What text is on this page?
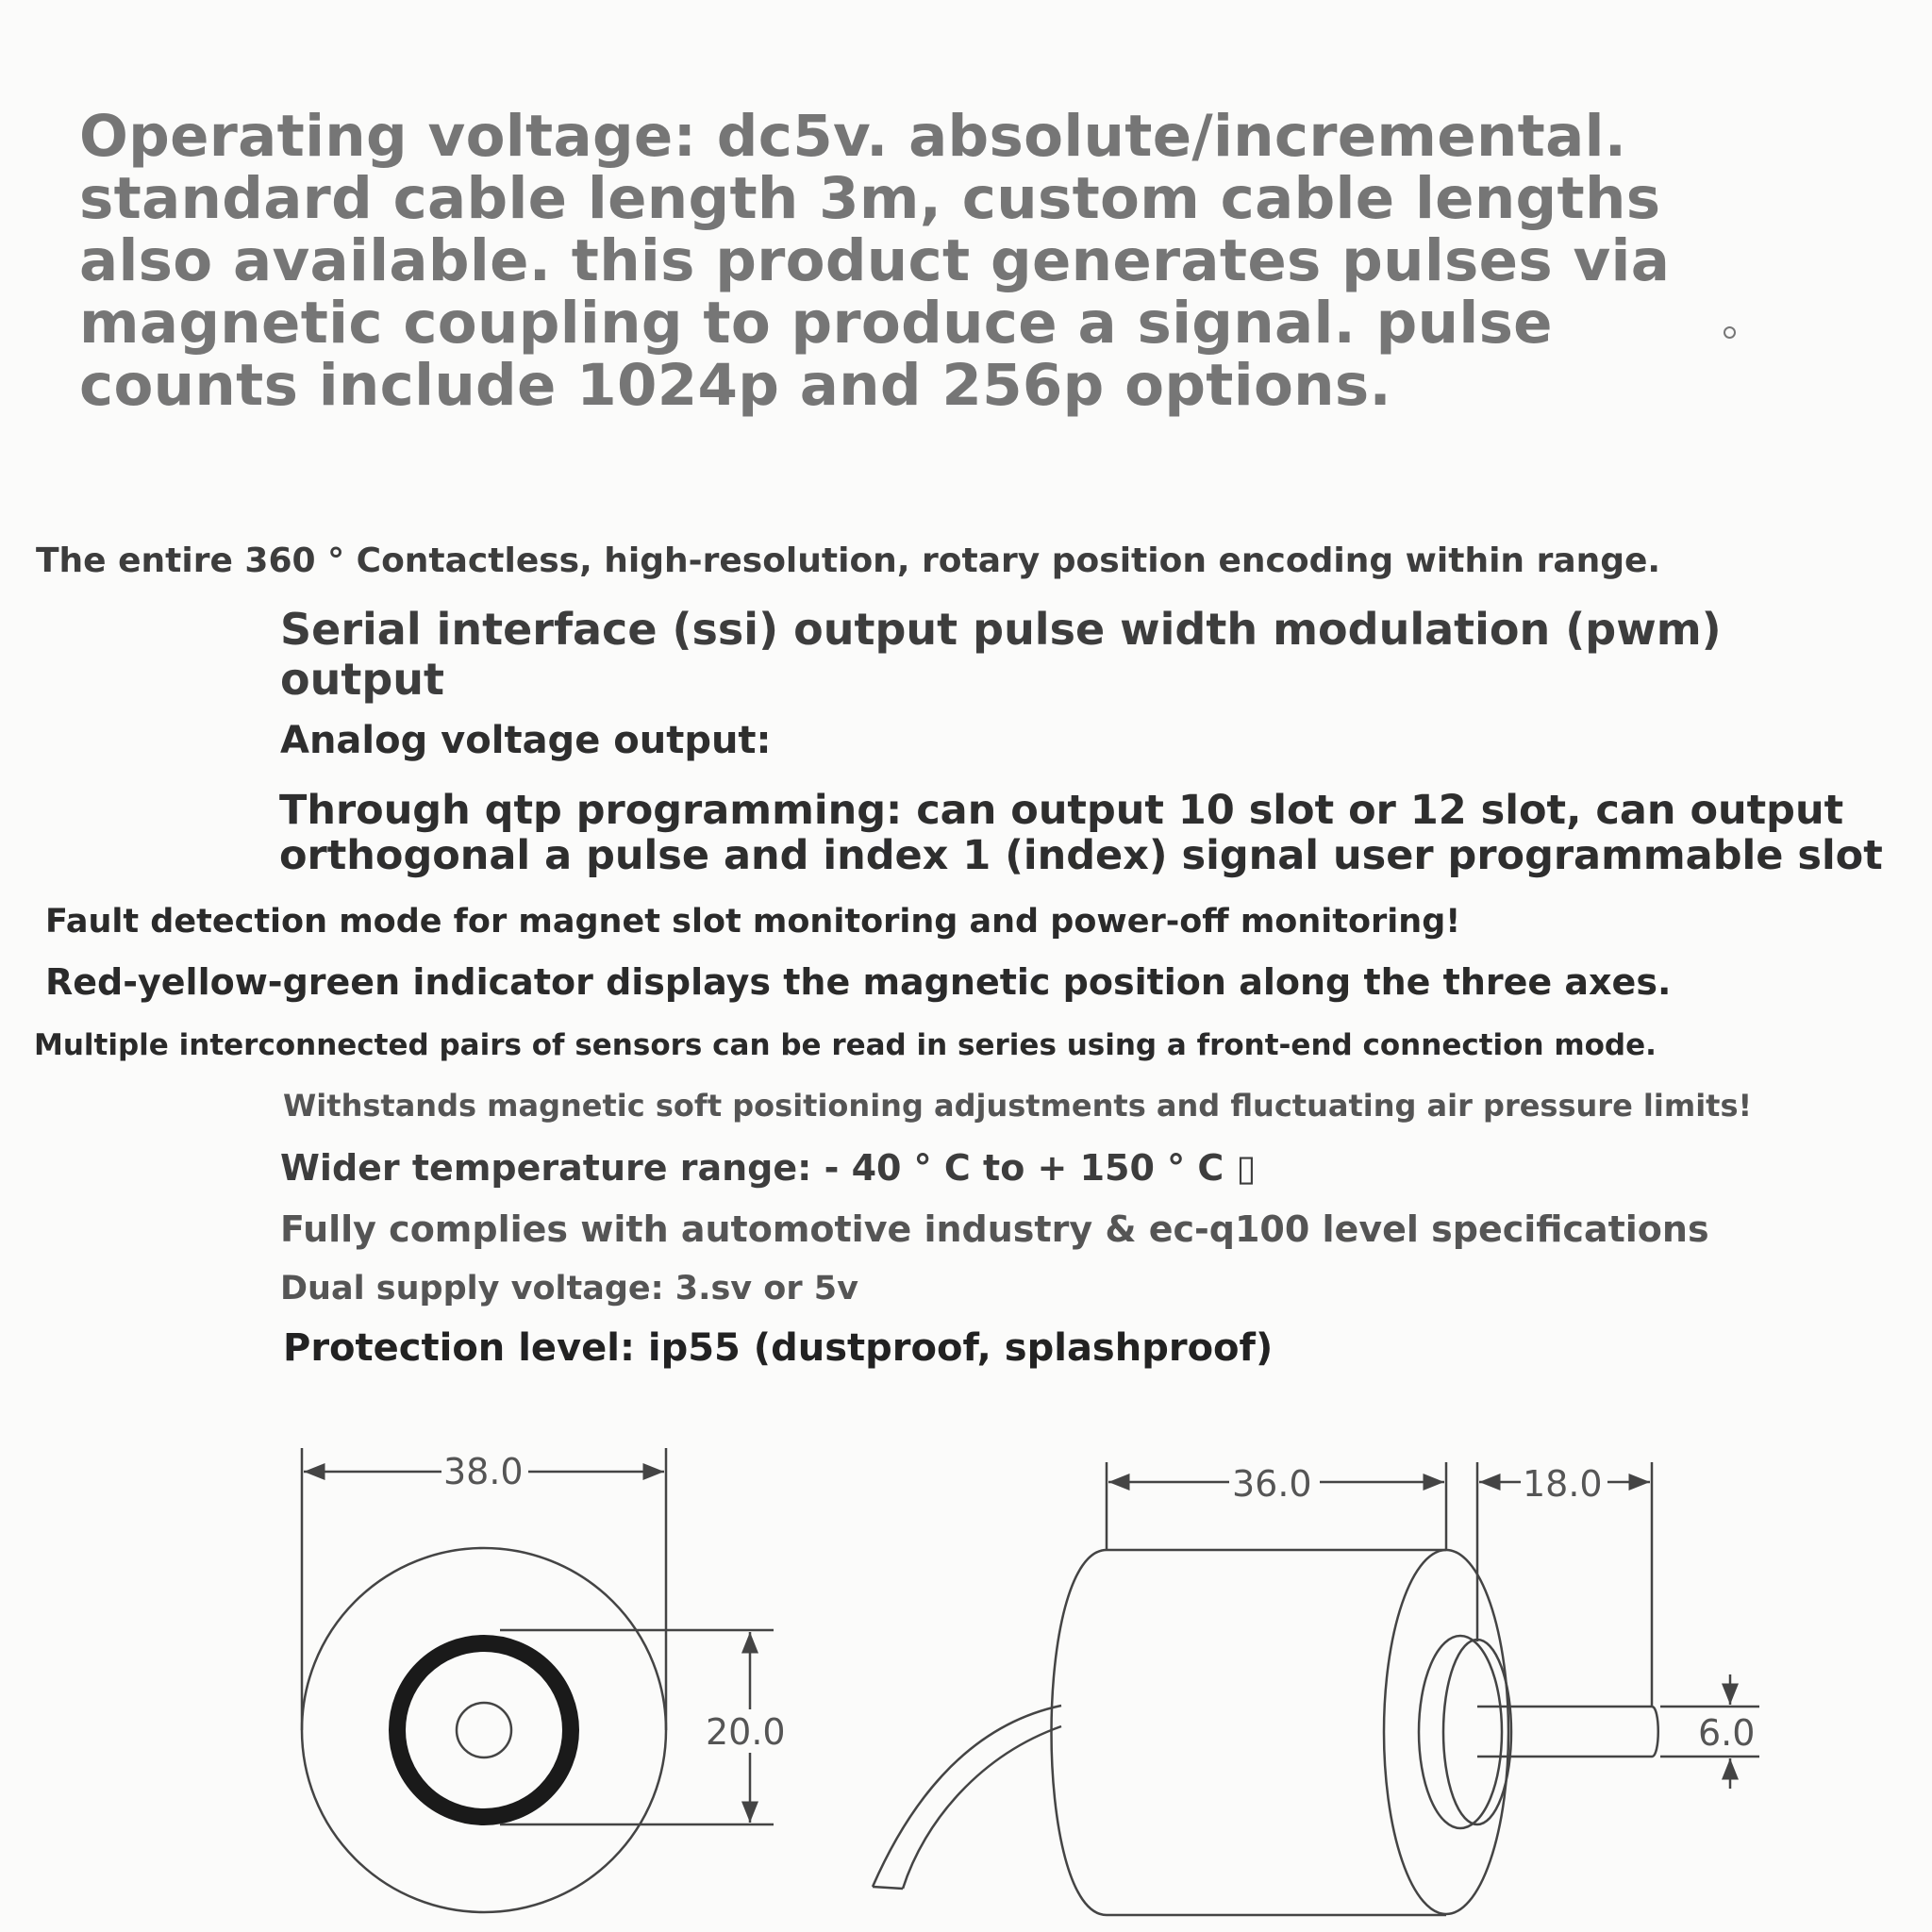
Operating voltage: dc5v. absolute/incremental. standard cable length 3m, custom cable lengths also available. this product generates pulses via magnetic coupling to produce a signal. pulse counts include 1024p and 256p options.

The entire 360 ° Contactless, high-resolution, rotary position encoding within range.

Serial interface (ssi) output pulse width modulation (pwm)

output

Analog voltage output:

Through qtp programming: can output 10 slot or 12 slot, can output

orthogonal a pulse and index 1 (index) signal user programmable slot

Fault detection mode for magnet slot monitoring and power-off monitoring!

Red-yellow-green indicator displays the magnetic position along the three axes.

Multiple interconnected pairs of sensors can be read in series using a front-end connection mode.

Withstands magnetic soft positioning adjustments and fluctuating air pressure limits!

Wider temperature range: - 40 ° C to + 150 ° C ▯

Fully complies with automotive industry & ec-q100 level specifications

Dual supply voltage: 3.sv or 5v

Protection level: ip55 (dustproof, splashproof)

38.0
20.0
36.0	18.0
6.0
